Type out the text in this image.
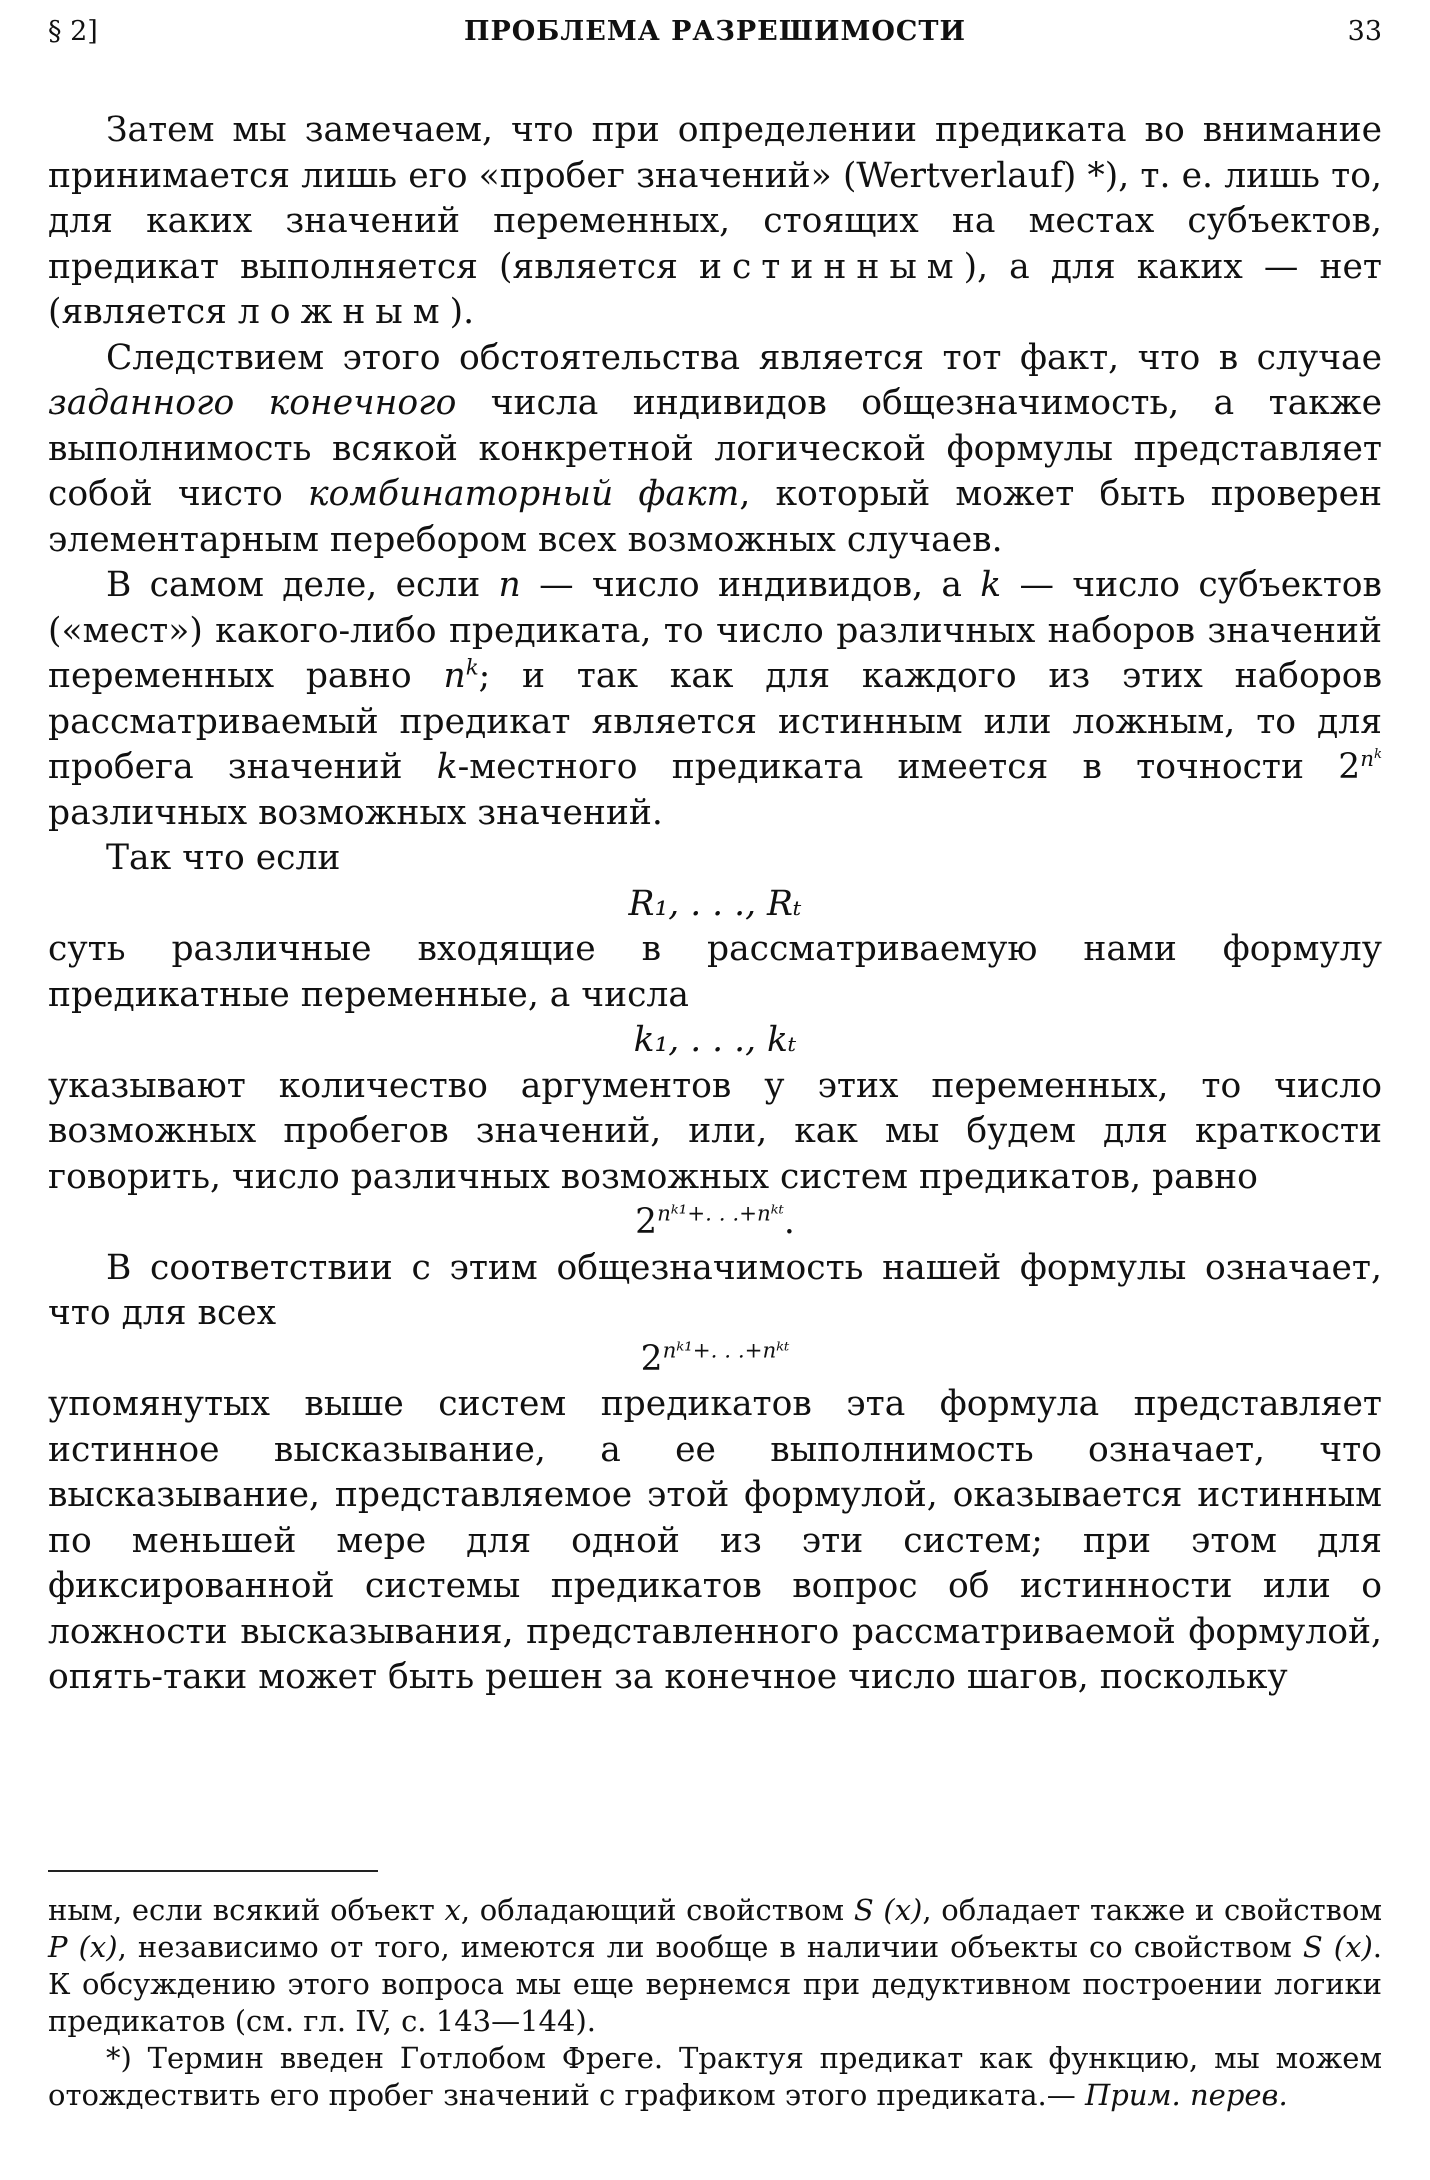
§ 2]	ПРОБЛЕМА РАЗРЕШИМОСТИ	33

Затем мы замечаем, что при определении предиката во внимание принимается лишь его «пробег значений» (Wertverlauf) *), т. е. лишь то, для каких значений переменных, стоящих на местах субъектов, предикат выполняется (является истинным), а для каких — нет (является ложным).

Следствием этого обстоятельства является тот факт, что в случае заданного конечного числа индивидов общезначимость, а также выполнимость всякой конкретной логической формулы представляет собой чисто комбинаторный факт, который может быть проверен элементарным перебором всех возможных случаев.

В самом деле, если n — число индивидов, а k — число субъектов («мест») какого-либо предиката, то число различных наборов значений переменных равно $n^k$; и так как для каждого из этих наборов рассматриваемый предикат является истинным или ложным, то для пробега значений k-местного предиката имеется в точности $2^{n^k}$ различных возможных значений.

Так что если

R₁, . . ., Rₜ

суть различные входящие в рассматриваемую нами формулу предикатные переменные, а числа

k₁, . . ., kₜ

указывают количество аргументов у этих переменных, то число возможных пробегов значений, или, как мы будем для краткости говорить, число различных возможных систем предикатов, равно

$2^{nᵏ^1+. . .+nᵏᵗ}$.

В соответствии с этим общезначимость нашей формулы означает, что для всех

$2^{nᵏ^1+. . .+nᵏᵗ}$

упомянутых выше систем предикатов эта формула представляет истинное высказывание, а ее выполнимость означает, что высказывание, представляемое этой формулой, оказывается истинным по меньшей мере для одной из эти систем; при этом для фиксированной системы предикатов вопрос об истинности или о ложности высказывания, представленного рассматриваемой формулой, опять-таки может быть решен за конечное число шагов, поскольку

ным, если всякий объект x, обладающий свойством S (x), обладает также и свойством P (x), независимо от того, имеются ли вообще в наличии объекты со свойством S (x). К обсуждению этого вопроса мы еще вернемся при дедуктивном построении логики предикатов (см. гл. IV, с. 143—144).

*) Термин введен Готлобом Фреге. Трактуя предикат как функцию, мы можем отождествить его пробег значений с графиком этого предиката.— Прим. перев.
